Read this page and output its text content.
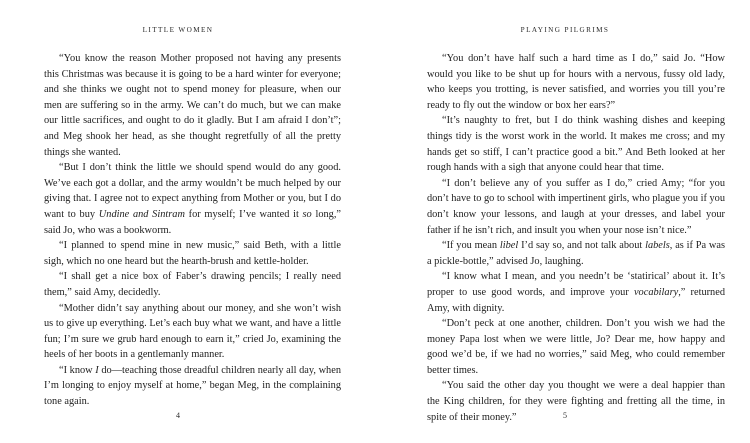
LITTLE WOMEN

“You know the reason Mother proposed not having any presents this Christmas was because it is going to be a hard winter for everyone; and she thinks we ought not to spend money for pleasure, when our men are suffering so in the army. We can’t do much, but we can make our little sacrifices, and ought to do it gladly. But I am afraid I don’t”; and Meg shook her head, as she thought regretfully of all the pretty things she wanted.

“But I don’t think the little we should spend would do any good. We’ve each got a dollar, and the army wouldn’t be much helped by our giving that. I agree not to expect anything from Mother or you, but I do want to buy Undine and Sintram for myself; I’ve wanted it so long,” said Jo, who was a bookworm.

“I planned to spend mine in new music,” said Beth, with a little sigh, which no one heard but the hearth-brush and kettle-holder.

“I shall get a nice box of Faber’s drawing pencils; I really need them,” said Amy, decidedly.

“Mother didn’t say anything about our money, and she won’t wish us to give up everything. Let’s each buy what we want, and have a little fun; I’m sure we grub hard enough to earn it,” cried Jo, examining the heels of her boots in a gentlemanly manner.

“I know I do—teaching those dreadful children nearly all day, when I’m longing to enjoy myself at home,” began Meg, in the complaining tone again.

4
PLAYING PILGRIMS

“You don’t have half such a hard time as I do,” said Jo. “How would you like to be shut up for hours with a nervous, fussy old lady, who keeps you trotting, is never satisfied, and worries you till you’re ready to fly out the window or box her ears?”

“It’s naughty to fret, but I do think washing dishes and keeping things tidy is the worst work in the world. It makes me cross; and my hands get so stiff, I can’t practice good a bit.” And Beth looked at her rough hands with a sigh that anyone could hear that time.

“I don’t believe any of you suffer as I do,” cried Amy; “for you don’t have to go to school with impertinent girls, who plague you if you don’t know your lessons, and laugh at your dresses, and label your father if he isn’t rich, and insult you when your nose isn’t nice.”

“If you mean libel I’d say so, and not talk about labels, as if Pa was a pickle-bottle,” advised Jo, laughing.

“I know what I mean, and you needn’t be ‘statirical’ about it. It’s proper to use good words, and improve your vocabilary,” returned Amy, with dignity.

“Don’t peck at one another, children. Don’t you wish we had the money Papa lost when we were little, Jo? Dear me, how happy and good we’d be, if we had no worries,” said Meg, who could remember better times.

“You said the other day you thought we were a deal happier than the King children, for they were fighting and fretting all the time, in spite of their money.”	5
